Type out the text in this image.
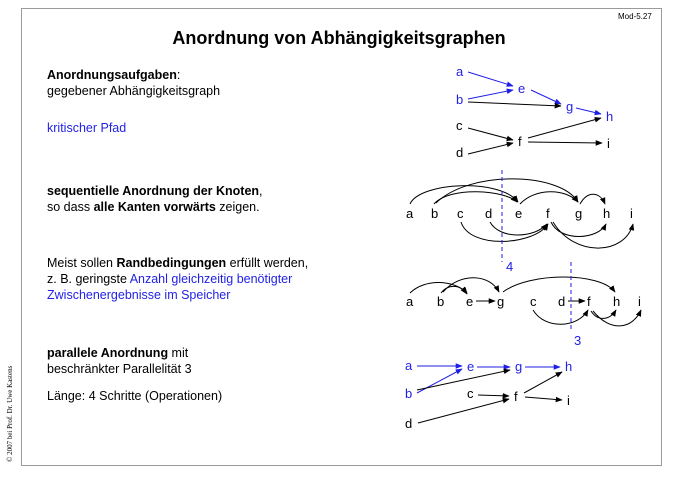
Mod-5.27
Anordnung von Abhängigkeitsgraphen
Anordnungsaufgaben:
gegebener Abhängigkeitsgraph
kritischer Pfad
sequentielle Anordnung der Knoten,
so dass alle Kanten vorwärts zeigen.
Meist sollen Randbedingungen erfüllt werden,
z. B. geringste Anzahl gleichzeitig benötigter
Zwischenergebnisse im Speicher
parallele Anordnung mit
beschränkter Parallelität 3
Länge: 4 Schritte (Operationen)
© 2007 bei Prof. Dr. Uwe Kastens
a
b
e
g
h
c
d
f	i
a b c d e f g h i
4
a b e g c d f h i
3
a
b
e	g	h
c
d
f	i
